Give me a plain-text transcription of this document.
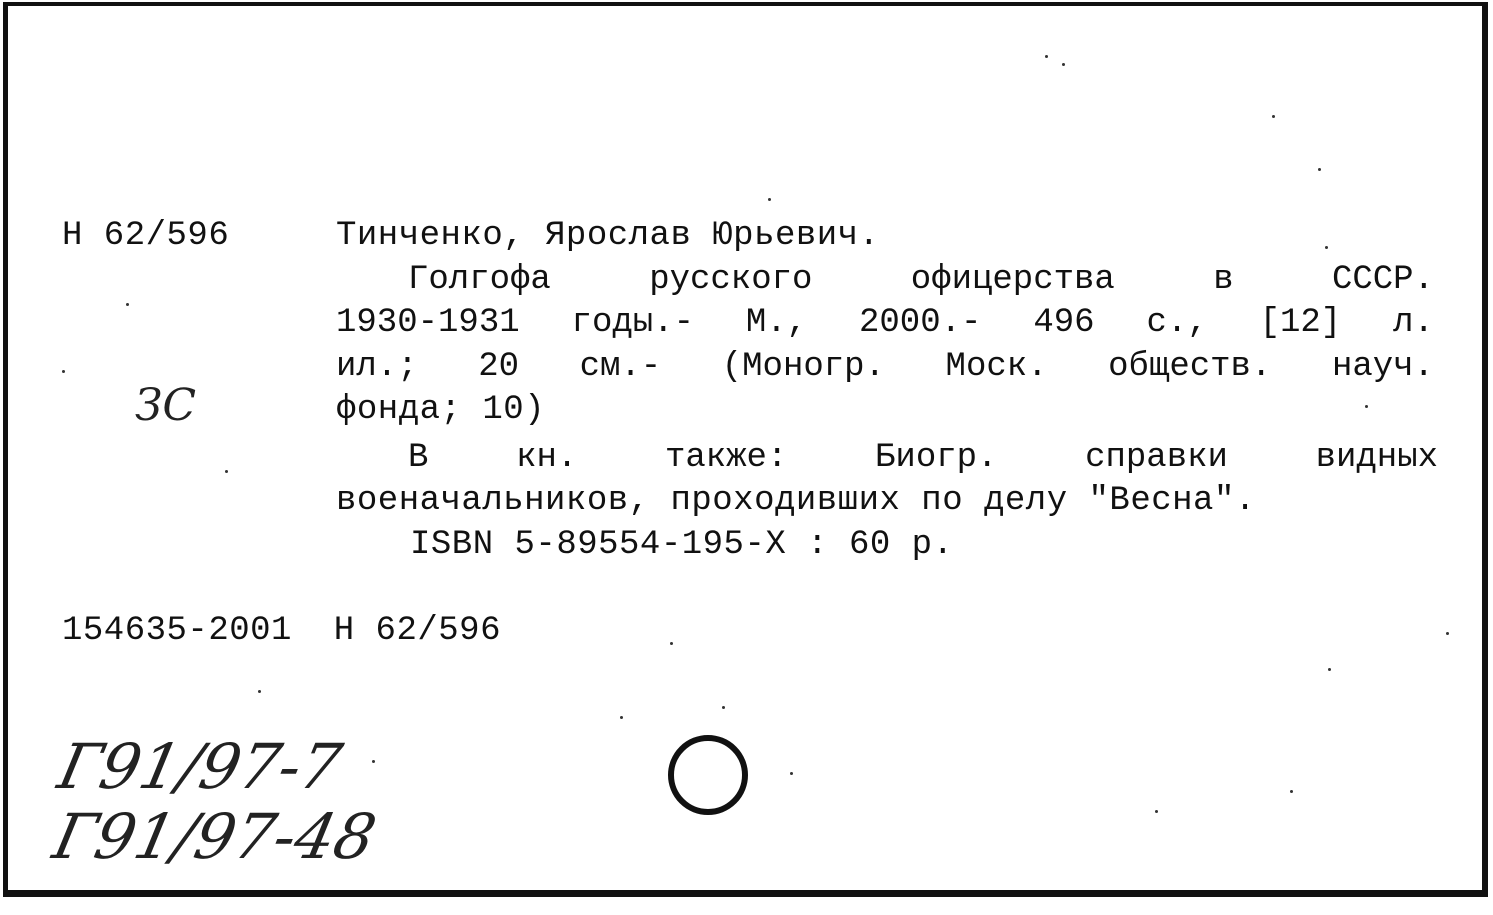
Н 62/596	Тинченко, Ярослав Юрьевич.
Голгофа	русского	офицерства	в	СССР.
1930-1931 годы.- М., 2000.- 496 с., [12] л.
ил.; 20 см.- (Моногр. Моск. обществ. науч.
фонда; 10)
В	кн.	также:	Биогр.	справки	видных
военачальников, проходивших по делу "Весна".
ISBN 5-89554-195-Х : 60 р.
154635-2001  Н 62/596
ЗС
Г91/97-7
Г91/97-48
